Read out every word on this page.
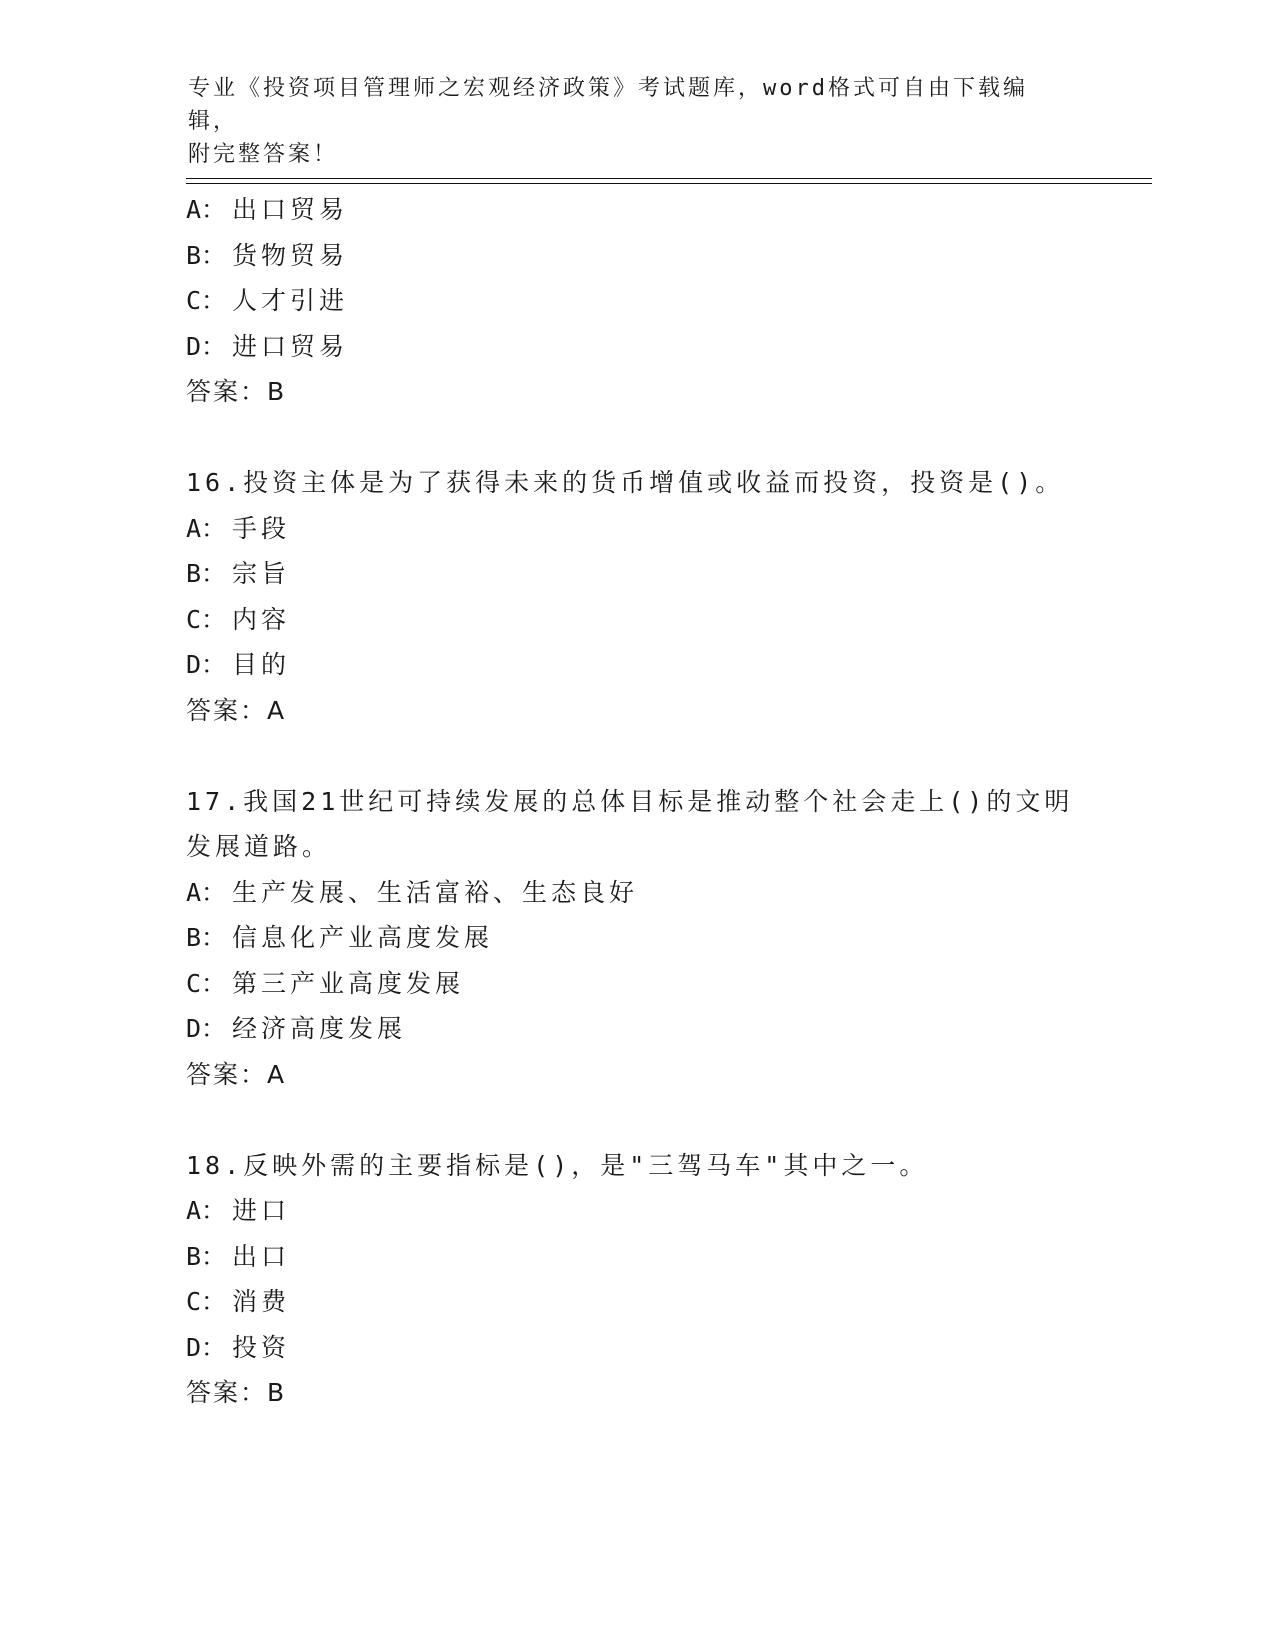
专业《投资项目管理师之宏观经济政策》考试题库，word格式可自由下载编辑，
附完整答案！
A： 出口贸易
B： 货物贸易
C： 人才引进
D： 进口贸易
答案：B
16.投资主体是为了获得未来的货币增值或收益而投资，投资是()。
A： 手段
B： 宗旨
C： 内容
D： 目的
答案：A
17.我国21世纪可持续发展的总体目标是推动整个社会走上()的文明
发展道路。
A： 生产发展、生活富裕、生态良好
B： 信息化产业高度发展
C： 第三产业高度发展
D： 经济高度发展
答案：A
18.反映外需的主要指标是()，是"三驾马车"其中之一。
A： 进口
B： 出口
C： 消费
D： 投资
答案：B
